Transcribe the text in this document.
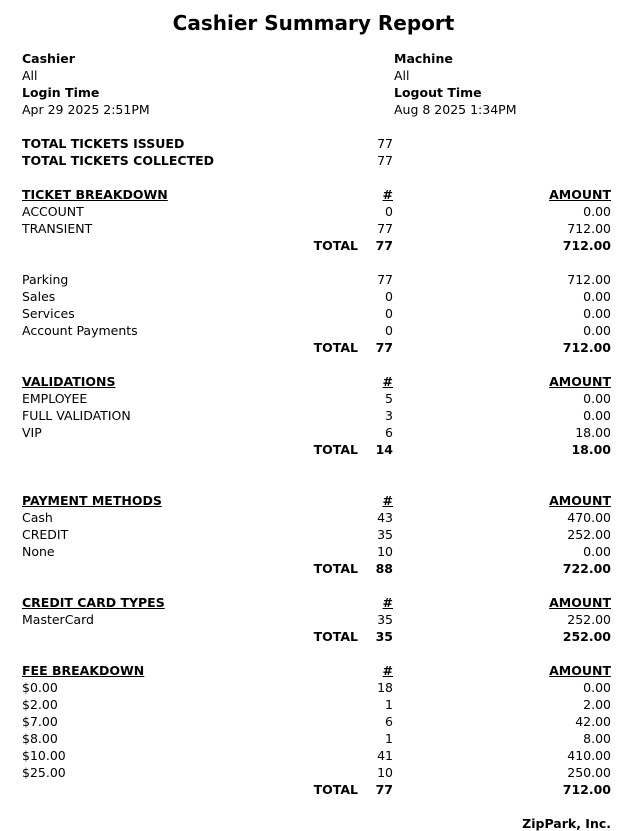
Cashier Summary Report
Cashier
All
Login Time
Apr 29 2025 2:51PM
Machine
All
Logout Time
Aug 8 2025 1:34PM
TOTAL TICKETS ISSUED	77
TOTAL TICKETS COLLECTED	77
TICKET BREAKDOWN	#	AMOUNT
ACCOUNT	0	0.00
TRANSIENT	77	712.00
TOTAL	77	712.00
Parking	77	712.00
Sales	0	0.00
Services	0	0.00
Account Payments	0	0.00
TOTAL	77	712.00
VALIDATIONS	#	AMOUNT
EMPLOYEE	5	0.00
FULL VALIDATION	3	0.00
VIP	6	18.00
TOTAL	14	18.00
PAYMENT METHODS	#	AMOUNT
Cash	43	470.00
CREDIT	35	252.00
None	10	0.00
TOTAL	88	722.00
CREDIT CARD TYPES	#	AMOUNT
MasterCard	35	252.00
TOTAL	35	252.00
FEE BREAKDOWN	#	AMOUNT
$0.00	18	0.00
$2.00	1	2.00
$7.00	6	42.00
$8.00	1	8.00
$10.00	41	410.00
$25.00	10	250.00
TOTAL	77	712.00
ZipPark, Inc.
